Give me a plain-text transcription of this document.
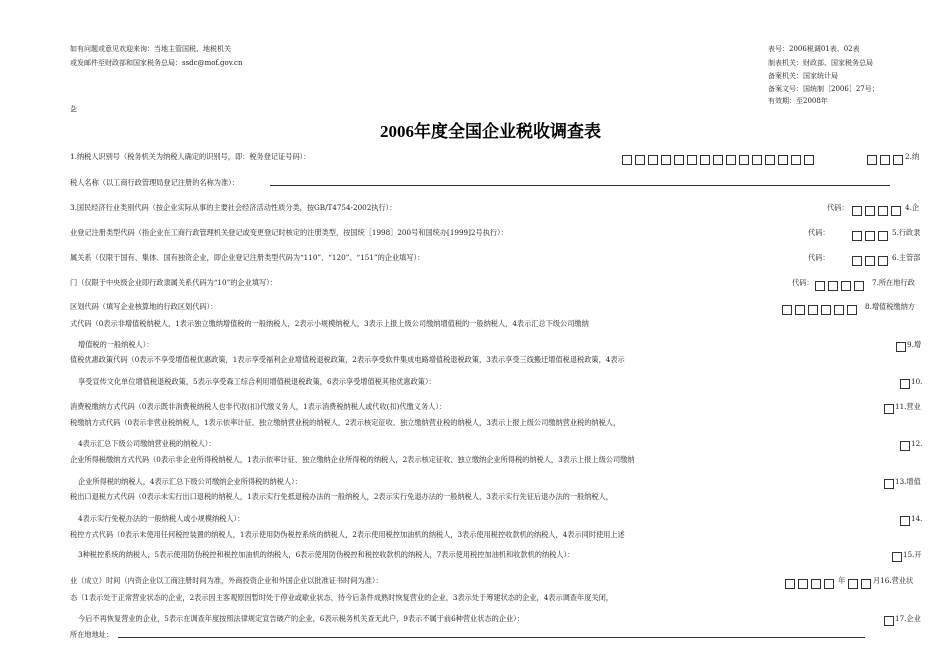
如有问题或意见欢迎来询：当地主管国税、地税机关
或发邮件至财政部和国家税务总局：ssdc@mof.gov.cn
㐇
表号：2006税调01表、02表
制表机关：财政部、国家税务总局
备案机关：国家统计局
备案文号：国统制［2006］27号；
有效期：至2008年
2006年度全国企业税收调查表
1.纳税人识别号（税务机关为纳税人确定的识别号，即：税务登记证号码）：	2.纳
税人名称（以工商行政管理局登记注册的名称为准）：
3.国民经济行业类别代码（按企业实际从事的主要社会经济活动性质分类，按GB/T4754-2002执行）：	代码：	4.企
业登记注册类型代码（指企业在工商行政管理机关登记或变更登记时核定的注册类型，按国统［1998］200号和国统办[1999]2号执行）：	代码：	5.行政隶
属关系（仅限于国有、集体、国有独资企业，即企业登记注册类型代码为“110”、“120”、“151”的企业填写）：	代码：	6.主管部
门（仅限于中央级企业即行政隶属关系代码为“10”的企业填写）：	代码：	7.所在地行政
区划代码（填写企业核算地的行政区划代码）：	8.增值税缴纳方
式代码（0表示非增值税纳税人，1表示独立缴纳增值税的一般纳税人，2表示小规模纳税人，3表示上报上级公司缴纳增值税的一般纳税人，4表示汇总下级公司缴纳
增值税的一般纳税人）：	9.增
值税优惠政策代码（0表示不享受增值税优惠政策，1表示享受福利企业增值税退税政策，2表示享受软件集成电路增值税退税政策，3表示享受三线搬迁增值税退税政策，4表示
享受宣传文化单位增值税退税政策，5表示享受森工综合利用增值税退税政策，6表示享受增值税其他优惠政策）：	10.
消费税缴纳方式代码（0表示既非消费税纳税人也非代收(扣)代缴义务人，1表示消费税纳税人或代收(扣)代缴义务人）：	11.营业
税缴纳方式代码（0表示非营业税纳税人，1表示依率计征、独立缴纳营业税的纳税人，2表示核定征收、独立缴纳营业税的纳税人，3表示上报上级公司缴纳营业税的纳税人，
4表示汇总下级公司缴纳营业税的纳税人）：	12.
企业所得税缴纳方式代码（0表示非企业所得税纳税人，1表示依率计征、独立缴纳企业所得税的纳税人，2表示核定征收、独立缴纳企业所得税的纳税人，3表示上报上级公司缴纳
企业所得税的纳税人，4表示汇总下级公司缴纳企业所得税的纳税人）：	13.增值
税出口退税方式代码（0表示未实行出口退税的纳税人，1表示实行免抵退税办法的一般纳税人，2表示实行免退办法的一般纳税人，3表示实行先征后退办法的一般纳税人，
4表示实行免税办法的一般纳税人或小规模纳税人）：	14.
税控方式代码（0表示未使用任何税控装置的纳税人，1表示使用防伪税控系统的纳税人，2表示使用税控加油机的纳税人，3表示使用税控收款机的纳税人，4表示同时使用上述
3种税控系统的纳税人，5表示使用防伪税控和税控加油机的纳税人，6表示使用防伪税控和税控收款机的纳税人，7表示使用税控加油机和收款机的纳税人）：	15.开
业（成立）时间（内资企业以工商注册时间为准，外商投资企业和外国企业以批准证书时间为准）：	年	月16.营业状
态（1表示处于正常营业状态的企业，2表示因主客观原因暂时处于停业或歇业状态，待今后条件成熟时恢复营业的企业，3表示处于筹建状态的企业，4表示调查年度关闭，
今后不再恢复营业的企业，5表示在调查年度按照法律规定宣告破产的企业，6表示税务机关查无此户，9表示不属于前6种营业状态的企业）：	17.企业
所在地地址：
